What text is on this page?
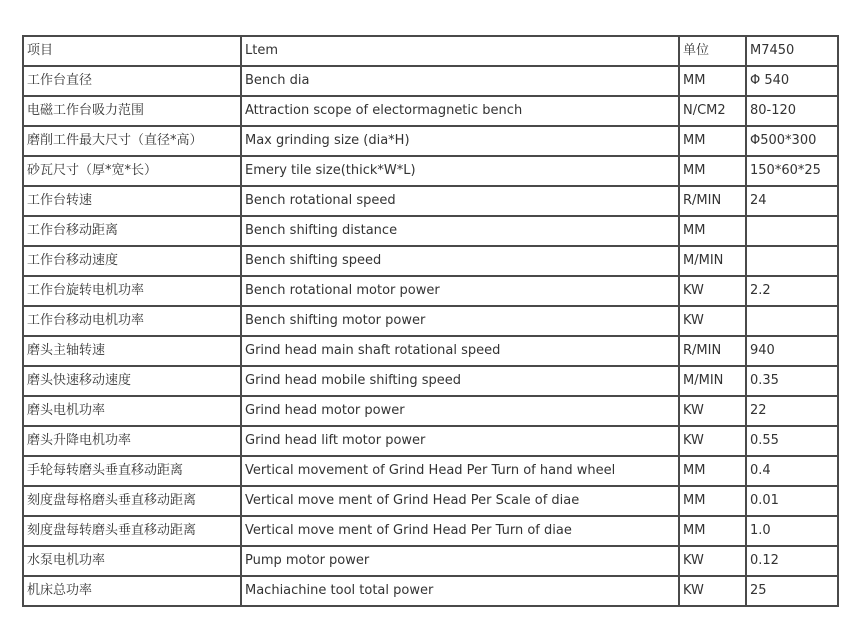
项目	Ltem	单位	M7450
工作台直径	Bench dia	MM	Φ 540
电磁工作台吸力范围	Attraction scope of electormagnetic bench	N/CM2	80-120
磨削工件最大尺寸（直径*高）	Max grinding size (dia*H)	MM	Φ500*300
砂瓦尺寸（厚*宽*长）	Emery tile size(thick*W*L)	MM	150*60*25
工作台转速	Bench rotational speed	R/MIN	24
工作台移动距离	Bench shifting distance	MM	
工作台移动速度	Bench shifting speed	M/MIN	
工作台旋转电机功率	Bench rotational motor power	KW	2.2
工作台移动电机功率	Bench shifting motor power	KW	
磨头主轴转速	Grind head main shaft rotational speed	R/MIN	940
磨头快速移动速度	Grind head mobile shifting speed	M/MIN	0.35
磨头电机功率	Grind head motor power	KW	22
磨头升降电机功率	Grind head lift motor power	KW	0.55
手轮每转磨头垂直移动距离	Vertical movement of Grind Head Per Turn of hand wheel	MM	0.4
刻度盘每格磨头垂直移动距离	Vertical move ment of Grind Head Per Scale of diae	MM	0.01
刻度盘每转磨头垂直移动距离	Vertical move ment of Grind Head Per Turn of diae	MM	1.0
水泵电机功率	Pump motor power	KW	0.12
机床总功率	Machiachine tool total power	KW	25
